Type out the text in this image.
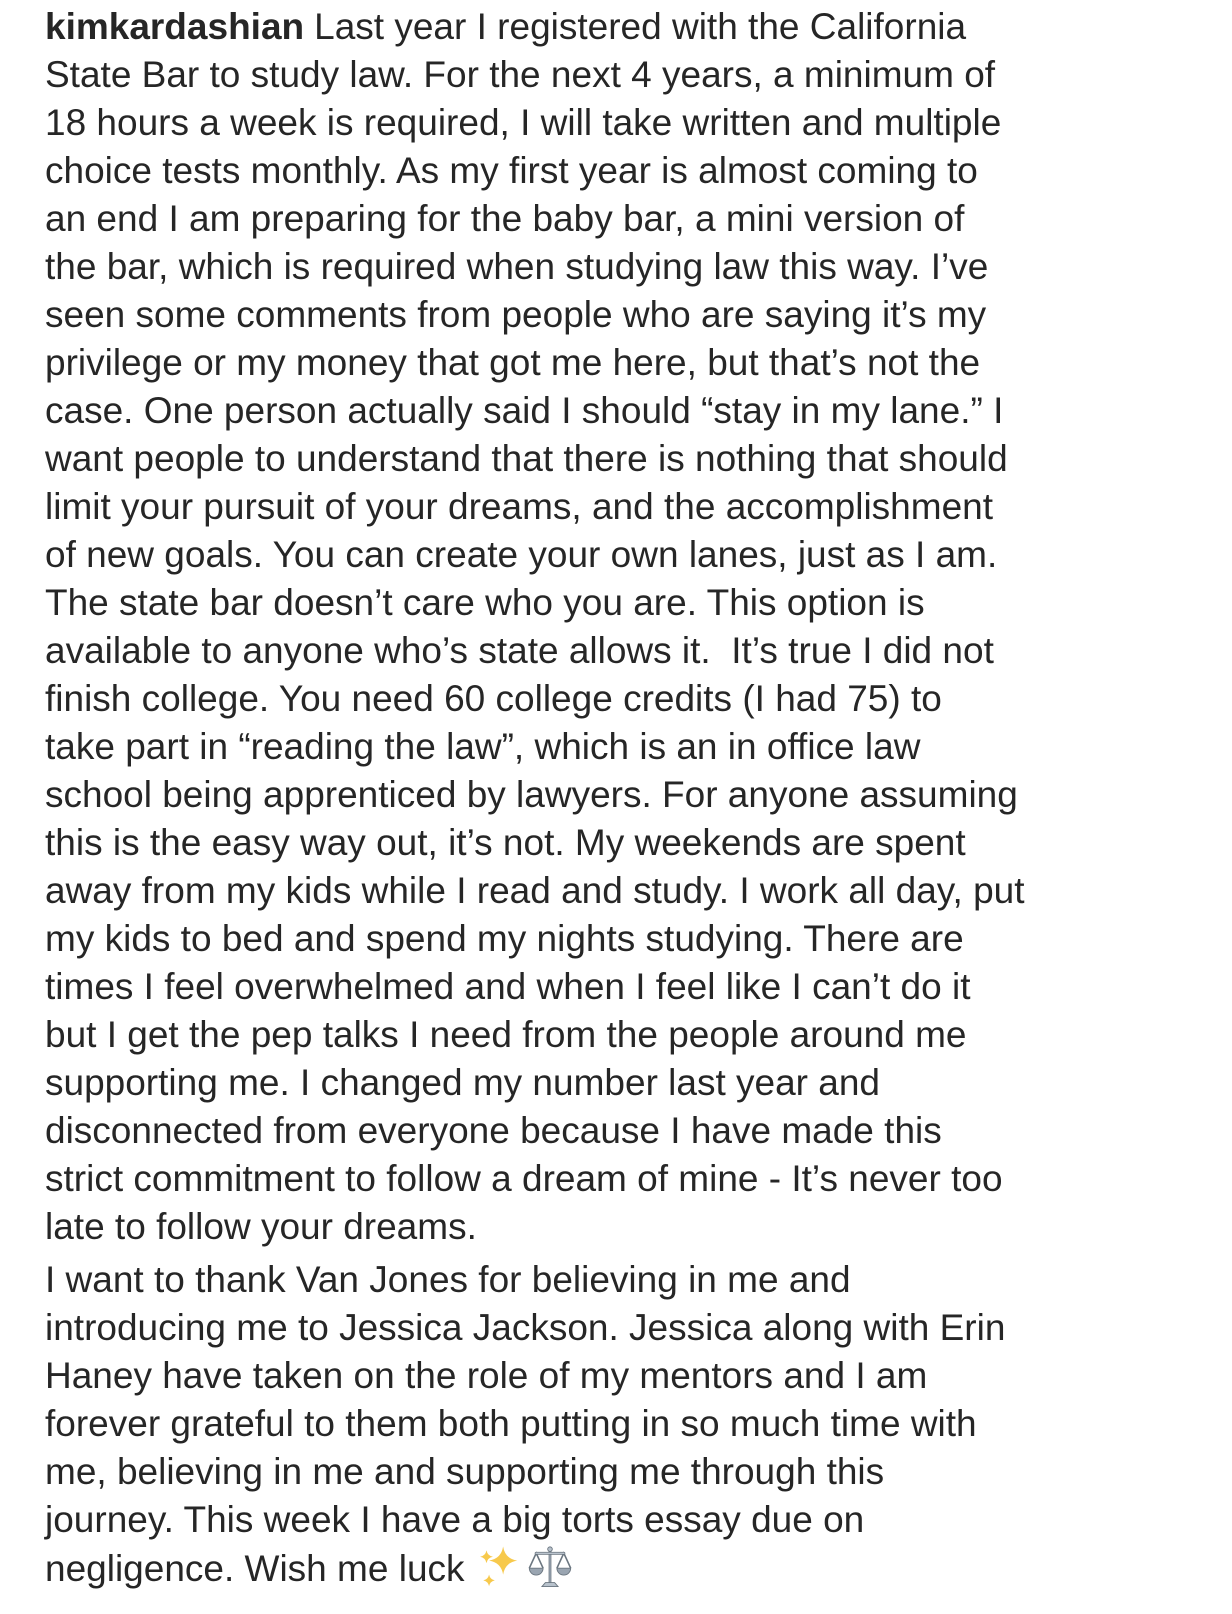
kimkardashian Last year I registered with the California
State Bar to study law. For the next 4 years, a minimum of
18 hours a week is required, I will take written and multiple
choice tests monthly. As my first year is almost coming to
an end I am preparing for the baby bar, a mini version of
the bar, which is required when studying law this way. I’ve
seen some comments from people who are saying it’s my
privilege or my money that got me here, but that’s not the
case. One person actually said I should “stay in my lane.” I
want people to understand that there is nothing that should
limit your pursuit of your dreams, and the accomplishment
of new goals. You can create your own lanes, just as I am.
The state bar doesn’t care who you are. This option is
available to anyone who’s state allows it.  It’s true I did not
finish college. You need 60 college credits (I had 75) to
take part in “reading the law”, which is an in office law
school being apprenticed by lawyers. For anyone assuming
this is the easy way out, it’s not. My weekends are spent
away from my kids while I read and study. I work all day, put
my kids to bed and spend my nights studying. There are
times I feel overwhelmed and when I feel like I can’t do it
but I get the pep talks I need from the people around me
supporting me. I changed my number last year and
disconnected from everyone because I have made this
strict commitment to follow a dream of mine - It’s never too
late to follow your dreams.
I want to thank Van Jones for believing in me and
introducing me to Jessica Jackson. Jessica along with Erin
Haney have taken on the role of my mentors and I am
forever grateful to them both putting in so much time with
me, believing in me and supporting me through this
journey. This week I have a big torts essay due on
negligence. Wish me luck
